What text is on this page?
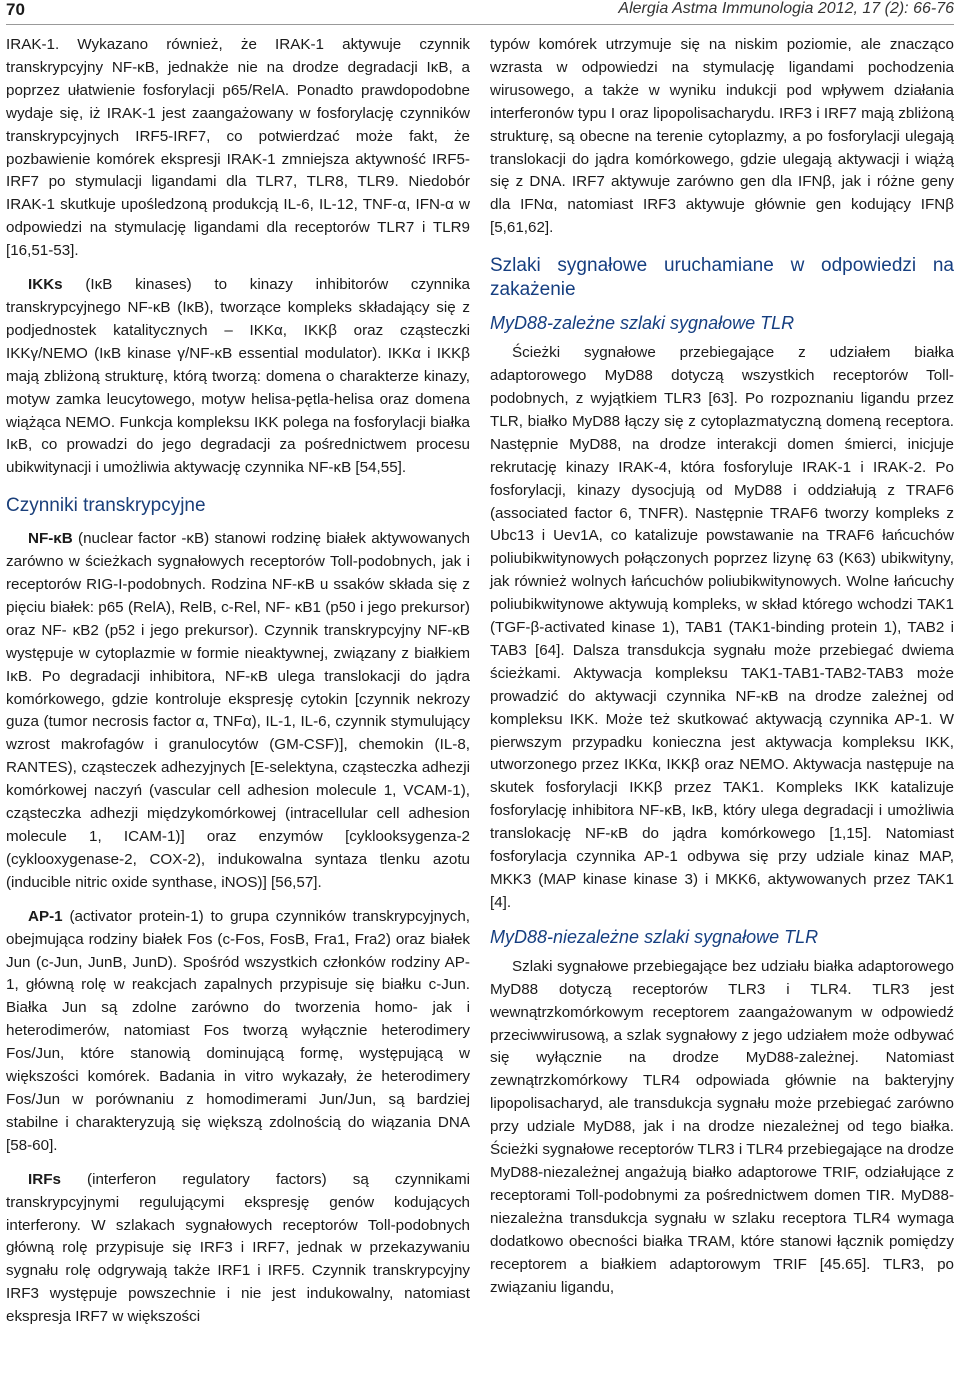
70	Alergia Astma Immunologia 2012, 17 (2): 66-76

IRAK-1. Wykazano również, że IRAK-1 aktywuje czynnik transkrypcyjny NF-κB, jednakże nie na drodze degradacji IκB, a poprzez ułatwienie fosforylacji p65/RelA. Ponadto prawdopodobne wydaje się, iż IRAK-1 jest zaangażowany w fosforylację czynników transkrypcyjnych IRF5-IRF7, co potwierdzać może fakt, że pozbawienie komórek ekspresji IRAK-1 zmniejsza aktywność IRF5-IRF7 po stymulacji ligandami dla TLR7, TLR8, TLR9. Niedobór IRAK-1 skutkuje upośledzoną produkcją IL-6, IL-12, TNF-α, IFN-α w odpowiedzi na stymulację ligandami dla receptorów TLR7 i TLR9 [16,51-53].

IKKs (IκB kinases) to kinazy inhibitorów czynnika transkrypcyjnego NF-κB (IκB), tworzące kompleks składający się z podjednostek katalitycznych – IKKα, IKKβ oraz cząsteczki IKKγ/NEMO (IκB kinase γ/NF-κB essential modulator). IKKα i IKKβ mają zbliżoną strukturę, którą tworzą: domena o charakterze kinazy, motyw zamka leucytowego, motyw helisa-pętla-helisa oraz domena wiążąca NEMO. Funkcja kompleksu IKK polega na fosforylacji białka IκB, co prowadzi do jego degradacji za pośrednictwem procesu ubikwitynacji i umożliwia aktywację czynnika NF-κB [54,55].

Czynniki transkrypcyjne

NF-κB (nuclear factor -κB) stanowi rodzinę białek aktywowanych zarówno w ścieżkach sygnałowych receptorów Toll-podobnych, jak i receptorów RIG-I-podobnych. Rodzina NF-κB u ssaków składa się z pięciu białek: p65 (RelA), RelB, c-Rel, NF- κB1 (p50 i jego prekursor) oraz NF- κB2 (p52 i jego prekursor). Czynnik transkrypcyjny NF-κB występuje w cytoplazmie w formie nieaktywnej, związany z białkiem IκB. Po degradacji inhibitora, NF-κB ulega translokacji do jądra komórkowego, gdzie kontroluje ekspresję cytokin [czynnik nekrozy guza (tumor necrosis factor α, TNFα), IL-1, IL-6, czynnik stymulujący wzrost makrofagów i granulocytów (GM-CSF)], chemokin (IL-8, RANTES), cząsteczek adhezyjnych [E-selektyna, cząsteczka adhezji komórkowej naczyń (vascular cell adhesion molecule 1, VCAM-1), cząsteczka adhezji międzykomórkowej (intracellular cell adhesion molecule 1, ICAM-1)] oraz enzymów [cyklooksygenza-2 (cyklooxygenase-2, COX-2), indukowalna syntaza tlenku azotu (inducible nitric oxide synthase, iNOS)] [56,57].

AP-1 (activator protein-1) to grupa czynników transkrypcyjnych, obejmująca rodziny białek Fos (c-Fos, FosB, Fra1, Fra2) oraz białek Jun (c-Jun, JunB, JunD). Spośród wszystkich członków rodziny AP-1, główną rolę w reakcjach zapalnych przypisuje się białku c-Jun. Białka Jun są zdolne zarówno do tworzenia homo- jak i heterodimerów, natomiast Fos tworzą wyłącznie heterodimery Fos/Jun, które stanowią dominującą formę, występującą w większości komórek. Badania in vitro wykazały, że heterodimery Fos/Jun w porównaniu z homodimerami Jun/Jun, są bardziej stabilne i charakteryzują się większą zdolnością do wiązania DNA [58-60].

IRFs (interferon regulatory factors) są czynnikami transkrypcyjnymi regulującymi ekspresję genów kodujących interferony. W szlakach sygnałowych receptorów Toll-podobnych główną rolę przypisuje się IRF3 i IRF7, jednak w przekazywaniu sygnału rolę odgrywają także IRF1 i IRF5. Czynnik transkrypcyjny IRF3 występuje powszechnie i nie jest indukowalny, natomiast ekspresja IRF7 w większości

typów komórek utrzymuje się na niskim poziomie, ale znacząco wzrasta w odpowiedzi na stymulację ligandami pochodzenia wirusowego, a także w wyniku indukcji pod wpływem działania interferonów typu I oraz lipopolisacharydu. IRF3 i IRF7 mają zbliżoną strukturę, są obecne na terenie cytoplazmy, a po fosforylacji ulegają translokacji do jądra komórkowego, gdzie ulegają aktywacji i wiążą się z DNA. IRF7 aktywuje zarówno gen dla IFNβ, jak i różne geny dla IFNα, natomiast IRF3 aktywuje głównie gen kodujący IFNβ [5,61,62].

Szlaki sygnałowe uruchamiane w odpowiedzi na zakażenie
MyD88-zależne szlaki sygnałowe TLR

Ścieżki sygnałowe przebiegające z udziałem białka adaptorowego MyD88 dotyczą wszystkich receptorów Toll-podobnych, z wyjątkiem TLR3 [63]. Po rozpoznaniu ligandu przez TLR, białko MyD88 łączy się z cytoplazmatyczną domeną receptora. Następnie MyD88, na drodze interakcji domen śmierci, inicjuje rekrutację kinazy IRAK-4, która fosforyluje IRAK-1 i IRAK-2. Po fosforylacji, kinazy dysocjują od MyD88 i oddziałują z TRAF6 (associated factor 6, TNFR). Następnie TRAF6 tworzy kompleks z Ubc13 i Uev1A, co katalizuje powstawanie na TRAF6 łańcuchów poliubikwitynowych połączonych poprzez lizynę 63 (K63) ubikwityny, jak również wolnych łańcuchów poliubikwitynowych. Wolne łańcuchy poliubikwitynowe aktywują kompleks, w skład którego wchodzi TAK1 (TGF-β-activated kinase 1), TAB1 (TAK1-binding protein 1), TAB2 i TAB3 [64]. Dalsza transdukcja sygnału może przebiegać dwiema ścieżkami. Aktywacja kompleksu TAK1-TAB1-TAB2-TAB3 może prowadzić do aktywacji czynnika NF-κB na drodze zależnej od kompleksu IKK. Może też skutkować aktywacją czynnika AP-1. W pierwszym przypadku konieczna jest aktywacja kompleksu IKK, utworzonego przez IKKα, IKKβ oraz NEMO. Aktywacja następuje na skutek fosforylacji IKKβ przez TAK1. Kompleks IKK katalizuje fosforylację inhibitora NF-κB, IκB, który ulega degradacji i umożliwia translokację NF-κB do jądra komórkowego [1,15]. Natomiast fosforylacja czynnika AP-1 odbywa się przy udziale kinaz MAP, MKK3 (MAP kinase kinase 3) i MKK6, aktywowanych przez TAK1 [4].

MyD88-niezależne szlaki sygnałowe TLR

Szlaki sygnałowe przebiegające bez udziału białka adaptorowego MyD88 dotyczą receptorów TLR3 i TLR4. TLR3 jest wewnątrzkomórkowym receptorem zaangażowanym w odpowiedź przeciwwirusową, a szlak sygnałowy z jego udziałem może odbywać się wyłącznie na drodze MyD88-zależnej. Natomiast zewnątrzkomórkowy TLR4 odpowiada głównie na bakteryjny lipopolisacharyd, ale transdukcja sygnału może przebiegać zarówno przy udziale MyD88, jak i na drodze niezależnej od tego białka. Ścieżki sygnałowe receptorów TLR3 i TLR4 przebiegające na drodze MyD88-niezależnej angażują białko adaptorowe TRIF, odziałujące z receptorami Toll-podobnymi za pośrednictwem domen TIR. MyD88-niezależna transdukcja sygnału w szlaku receptora TLR4 wymaga dodatkowo obecności białka TRAM, które stanowi łącznik pomiędzy receptorem a białkiem adaptorowym TRIF [45.65]. TLR3, po związaniu ligandu,
